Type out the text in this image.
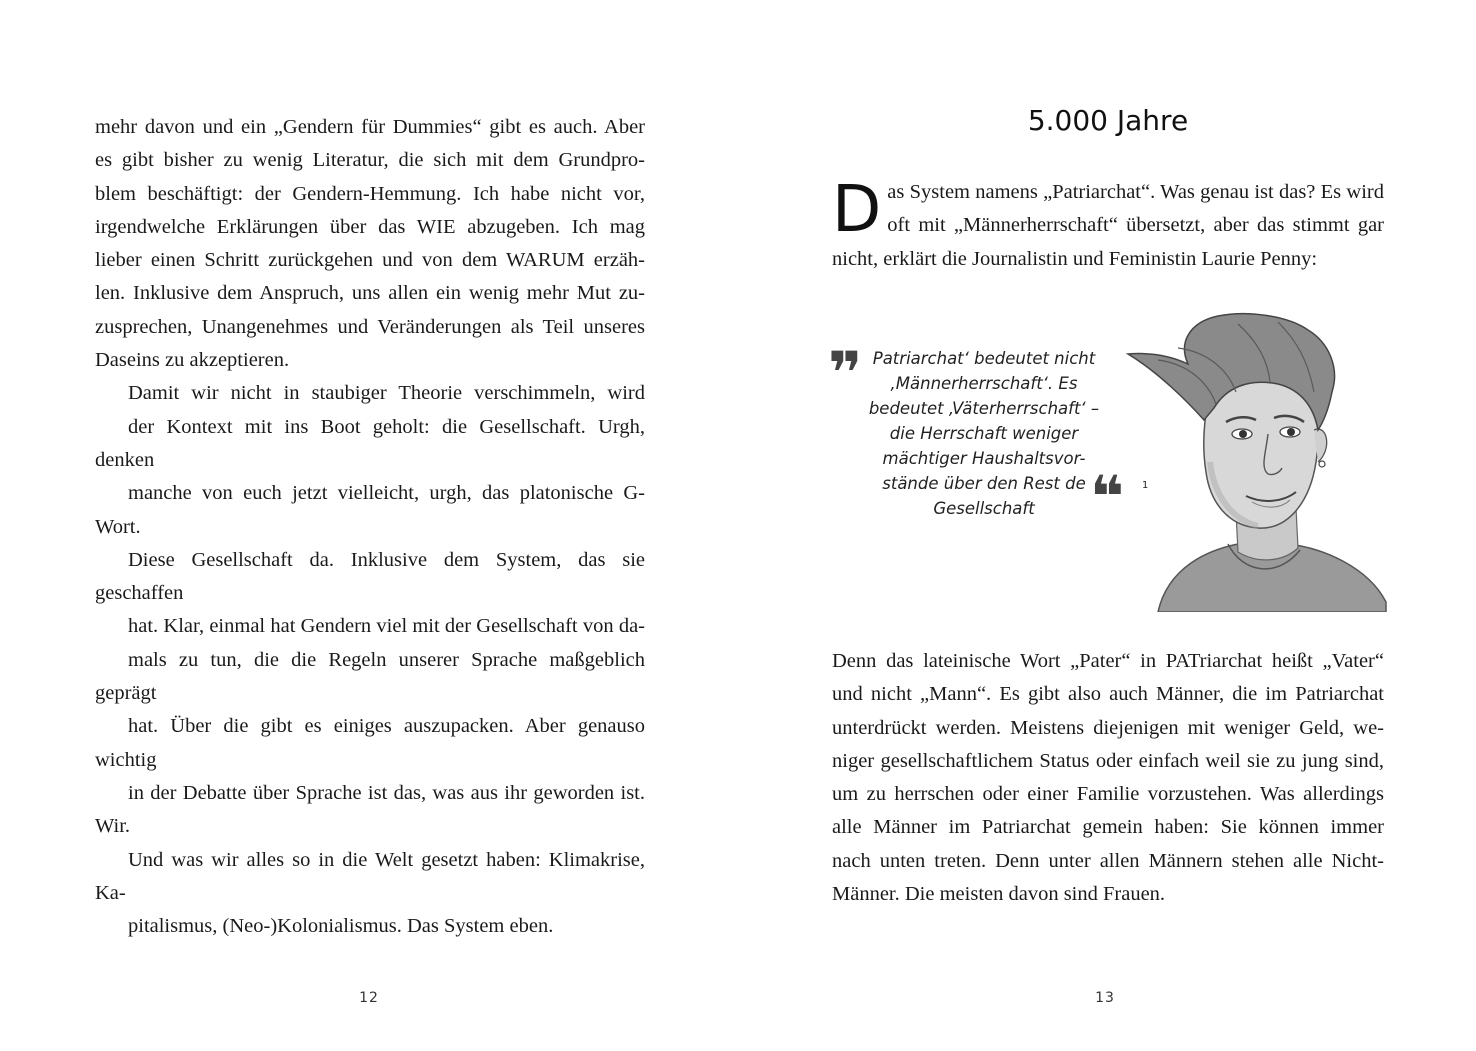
mehr davon und ein „Gendern für Dummies“ gibt es auch. Aber
es gibt bisher zu wenig Literatur, die sich mit dem Grundpro-
blem beschäftigt: der Gendern-Hemmung. Ich habe nicht vor,
irgendwelche Erklärungen über das WIE abzugeben. Ich mag
lieber einen Schritt zurückgehen und von dem WARUM erzäh-
len. Inklusive dem Anspruch, uns allen ein wenig mehr Mut zu-
zusprechen, Unangenehmes und Veränderungen als Teil unseres
Daseins zu akzeptieren.

Damit wir nicht in staubiger Theorie verschimmeln, wird
der Kontext mit ins Boot geholt: die Gesellschaft. Urgh, denken
manche von euch jetzt vielleicht, urgh, das platonische G-Wort.
Diese Gesellschaft da. Inklusive dem System, das sie geschaffen
hat. Klar, einmal hat Gendern viel mit der Gesellschaft von da-
mals zu tun, die die Regeln unserer Sprache maßgeblich geprägt
hat. Über die gibt es einiges auszupacken. Aber genauso wichtig
in der Debatte über Sprache ist das, was aus ihr geworden ist. Wir.
Und was wir alles so in die Welt gesetzt haben: Klimakrise, Ka-
pitalismus, (Neo-)Kolonialismus. Das System eben.

12
5.000 Jahre
D as System namens „Patriarchat“. Was genau ist das? Es wird
oft mit „Männerherrschaft“ übersetzt, aber das stimmt gar
nicht, erklärt die Journalistin und Feministin Laurie Penny:
❞ Patriarchat‘ bedeutet nicht
‚Männerherrschaft‘. Es
bedeutet ‚Väterherrschaft‘ –
die Herrschaft weniger
mächtiger Haushaltsvor-
stände über den Rest de
Gesellschaft ❝ 1

Denn das lateinische Wort „Pater“ in PATriarchat heißt „Vater“
und nicht „Mann“. Es gibt also auch Männer, die im Patriarchat
unterdrückt werden. Meistens diejenigen mit weniger Geld, we-
niger gesellschaftlichem Status oder einfach weil sie zu jung sind,
um zu herrschen oder einer Familie vorzustehen. Was allerdings
alle Männer im Patriarchat gemein haben: Sie können immer
nach unten treten. Denn unter allen Männern stehen alle Nicht-
Männer. Die meisten davon sind Frauen.

13
